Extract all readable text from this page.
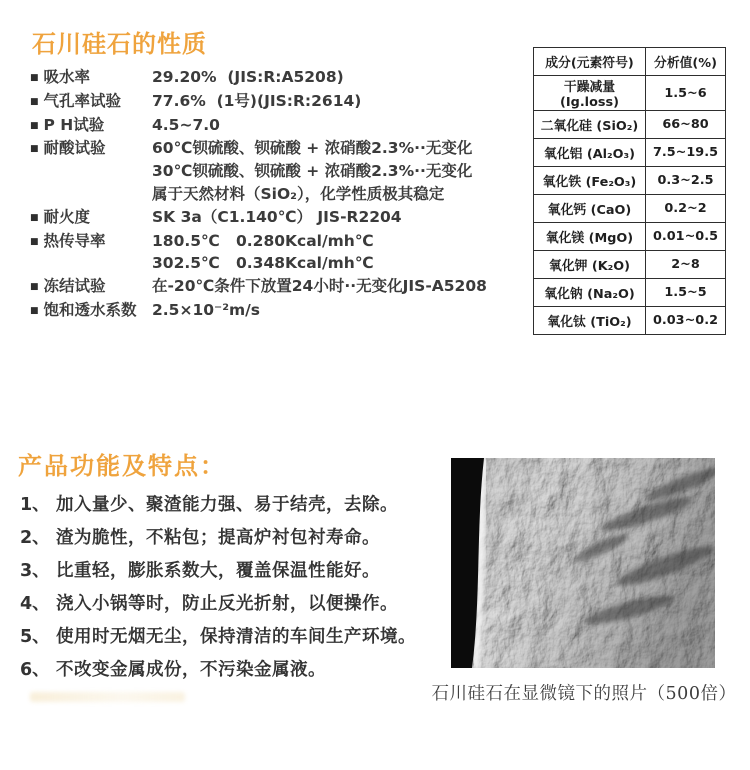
石川硅石的性质
■ 吸水率	29.20%  (JIS:R:A5208)
■ 气孔率试验	77.6%  (1号)(JIS:R:2614)
■ P H试验	4.5~7.0
■ 耐酸试验	60℃钡硫酸、钡硫酸 + 浓硝酸2.3%··无变化
30℃钡硫酸、钡硫酸 + 浓硝酸2.3%··无变化
属于天然材料（SiO₂），化学性质极其稳定
■ 耐火度	SK 3a（C1.140℃） JIS-R2204
■ 热传导率	180.5℃   0.280Kcal/mh℃
302.5℃   0.348Kcal/mh℃
■ 冻结试验	在-20℃条件下放置24小时··无变化JIS-A5208
■ 饱和透水系数 2.5×10⁻²m/s
成分(元素符号)	分析值(%)
干躁减量(Ig.loss)	1.5~6
二氧化硅 (SiO₂)	66~80
氧化铝 (Al₂O₃)	7.5~19.5
氧化铁 (Fe₂O₃)	0.3~2.5
氧化钙 (CaO)	0.2~2
氧化镁 (MgO)	0.01~0.5
氧化钾 (K₂O)	2~8
氧化钠 (Na₂O)	1.5~5
氧化钛 (TiO₂)	0.03~0.2
产品功能及特点：
1、 加入量少、聚渣能力强、易于结壳，去除。
2、 渣为脆性，不粘包；提高炉衬包衬寿命。
3、 比重轻，膨胀系数大，覆盖保温性能好。
4、 浇入小锅等时，防止反光折射，以便操作。
5、 使用时无烟无尘，保持清洁的车间生产环境。
6、 不改变金属成份，不污染金属液。
石川硅石在显微镜下的照片（500倍）
